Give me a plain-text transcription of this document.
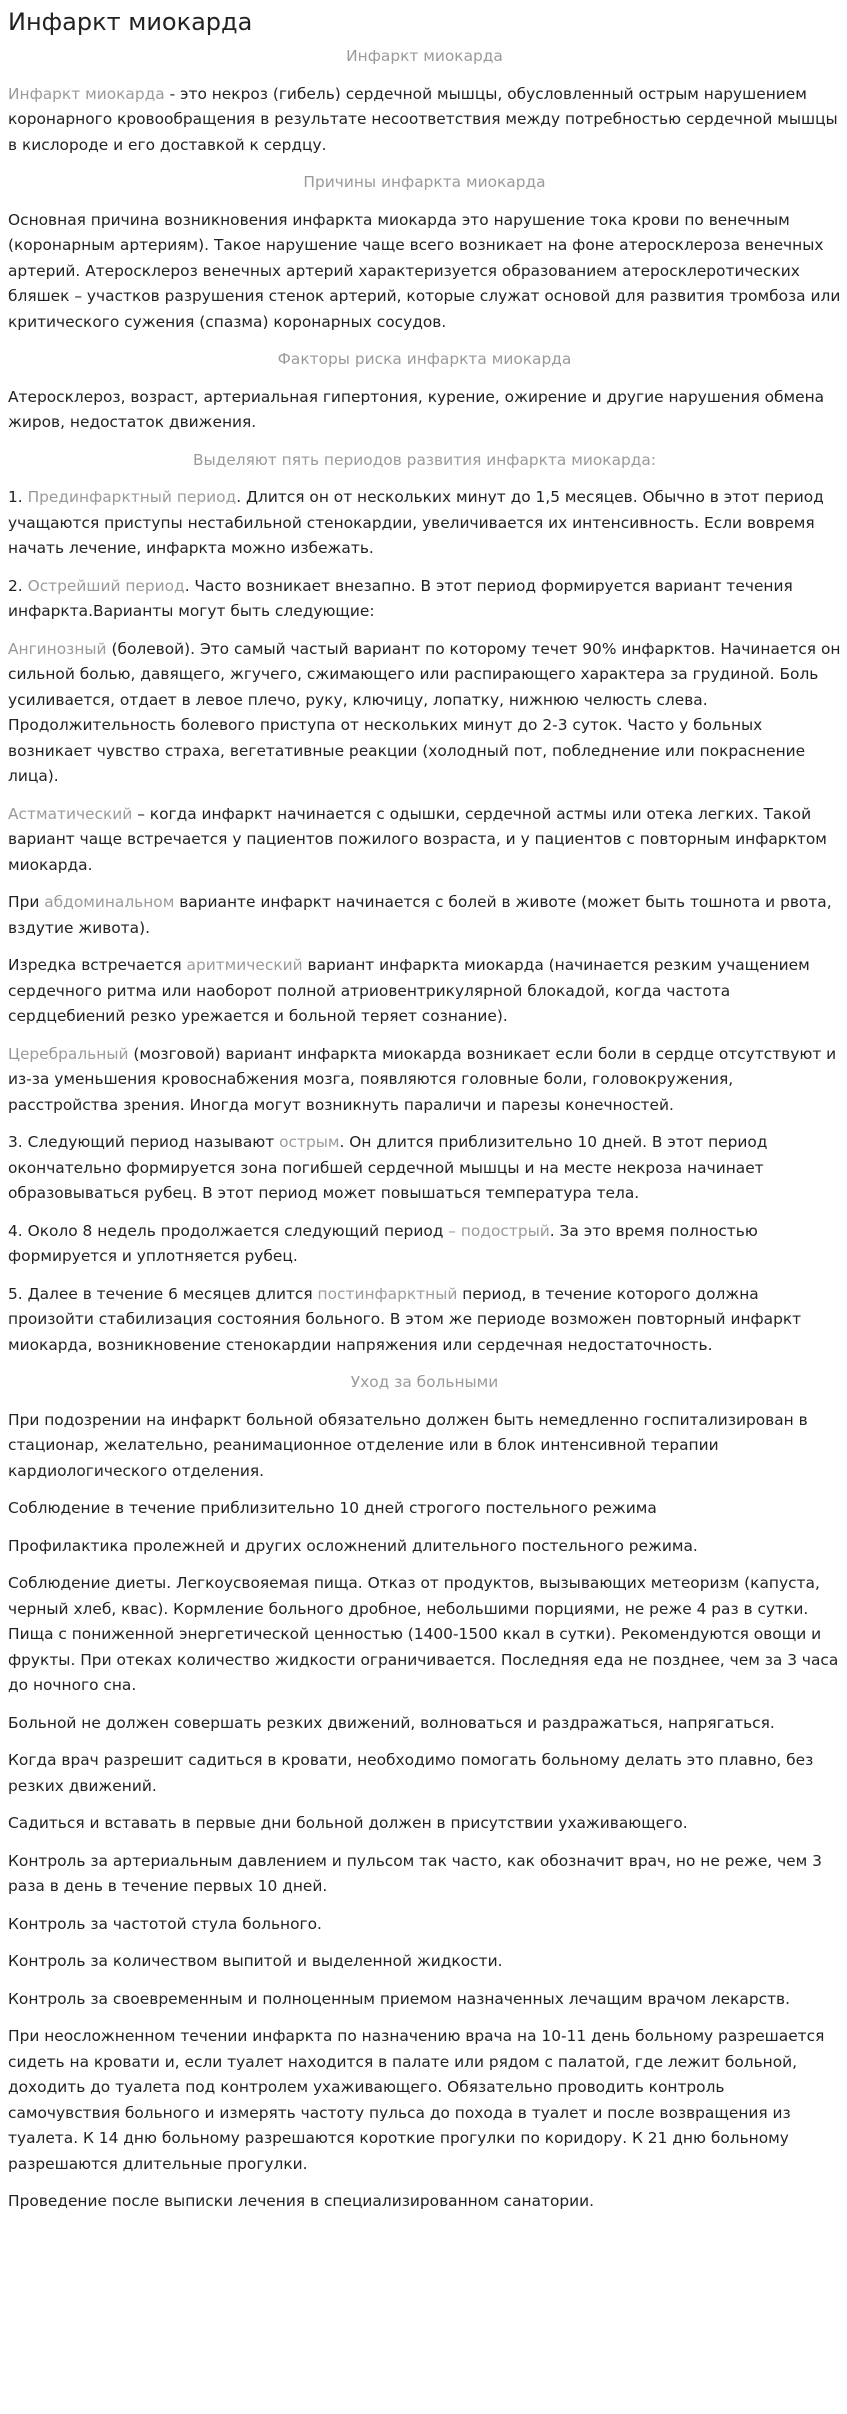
Инфаркт миокарда
Инфаркт миокарда

Инфаркт миокарда - это некроз (гибель) сердечной мышцы, обусловленный острым нарушением коронарного кровообращения в результате несоответствия между потребностью сердечной мышцы в кислороде и его доставкой к сердцу.

Причины инфаркта миокарда

Основная причина возникновения инфаркта миокарда это нарушение тока крови по венечным (коронарным артериям). Такое нарушение чаще всего возникает на фоне атеросклероза венечных артерий. Атеросклероз венечных артерий характеризуется образованием атеросклеротических бляшек – участков разрушения стенок артерий, которые служат основой для развития тромбоза или критического сужения (спазма) коронарных сосудов.

Факторы риска инфаркта миокарда

Атеросклероз, возраст, артериальная гипертония, курение, ожирение и другие нарушения обмена жиров, недостаток движения.

Выделяют пять периодов развития инфаркта миокарда:

1. Прединфарктный период. Длится он от нескольких минут до 1,5 месяцев. Обычно в этот период учащаются приступы нестабильной стенокардии, увеличивается их интенсивность. Если вовремя начать лечение, инфаркта можно избежать.

2. Острейший период. Часто возникает внезапно. В этот период формируется вариант течения инфаркта.Варианты могут быть следующие:

Ангинозный (болевой). Это самый частый вариант по которому течет 90% инфарктов. Начинается он сильной болью, давящего, жгучего, сжимающего или распирающего характера за грудиной. Боль усиливается, отдает в левое плечо, руку, ключицу, лопатку, нижнюю челюсть слева. Продолжительность болевого приступа от нескольких минут до 2-3 суток. Часто у больных возникает чувство страха, вегетативные реакции (холодный пот, побледнение или покраснение лица).

Астматический – когда инфаркт начинается с одышки, сердечной астмы или отека легких. Такой вариант чаще встречается у пациентов пожилого возраста, и у пациентов с повторным инфарктом миокарда.

При абдоминальном варианте инфаркт начинается с болей в животе (может быть тошнота и рвота, вздутие живота).

Изредка встречается аритмический вариант инфаркта миокарда (начинается резким учащением сердечного ритма или наоборот полной атриовентрикулярной блокадой, когда частота сердцебиений резко урежается и больной теряет сознание).

Церебральный (мозговой) вариант инфаркта миокарда возникает если боли в сердце отсутствуют и из-за уменьшения кровоснабжения мозга, появляются головные боли, головокружения, расстройства зрения. Иногда могут возникнуть параличи и парезы конечностей.

3. Следующий период называют острым. Он длится приблизительно 10 дней. В этот период окончательно формируется зона погибшей сердечной мышцы и на месте некроза начинает образовываться рубец. В этот период может повышаться температура тела.

4. Около 8 недель продолжается следующий период – подострый. За это время полностью формируется и уплотняется рубец.

5. Далее в течение 6 месяцев длится постинфарктный период, в течение которого должна произойти стабилизация состояния больного. В этом же периоде возможен повторный инфаркт миокарда, возникновение стенокардии напряжения или сердечная недостаточность.

Уход за больными

При подозрении на инфаркт больной обязательно должен быть немедленно госпитализирован в стационар, желательно, реанимационное отделение или в блок интенсивной терапии кардиологического отделения.

Соблюдение в течение приблизительно 10 дней строгого постельного режима

Профилактика пролежней и других осложнений длительного постельного режима.

Соблюдение диеты. Легкоусвояемая пища. Отказ от продуктов, вызывающих метеоризм (капуста, черный хлеб, квас). Кормление больного дробное, небольшими порциями, не реже 4 раз в сутки. Пища с пониженной энергетической ценностью (1400-1500 ккал в сутки). Рекомендуются овощи и фрукты. При отеках количество жидкости ограничивается. Последняя еда не позднее, чем за 3 часа до ночного сна.

Больной не должен совершать резких движений, волноваться и раздражаться, напрягаться.

Когда врач разрешит садиться в кровати, необходимо помогать больному делать это плавно, без резких движений.

Садиться и вставать в первые дни больной должен в присутствии ухаживающего.

Контроль за артериальным давлением и пульсом так часто, как обозначит врач, но не реже, чем 3 раза в день в течение первых 10 дней.

Контроль за частотой стула больного.

Контроль за количеством выпитой и выделенной жидкости.

Контроль за своевременным и полноценным приемом назначенных лечащим врачом лекарств.

При неосложненном течении инфаркта по назначению врача на 10-11 день больному разрешается сидеть на кровати и, если туалет находится в палате или рядом с палатой, где лежит больной, доходить до туалета под контролем ухаживающего. Обязательно проводить контроль самочувствия больного и измерять частоту пульса до похода в туалет и после возвращения из туалета. К 14 дню больному разрешаются короткие прогулки по коридору. К 21 дню больному разрешаются длительные прогулки.

Проведение после выписки лечения в специализированном санатории.
